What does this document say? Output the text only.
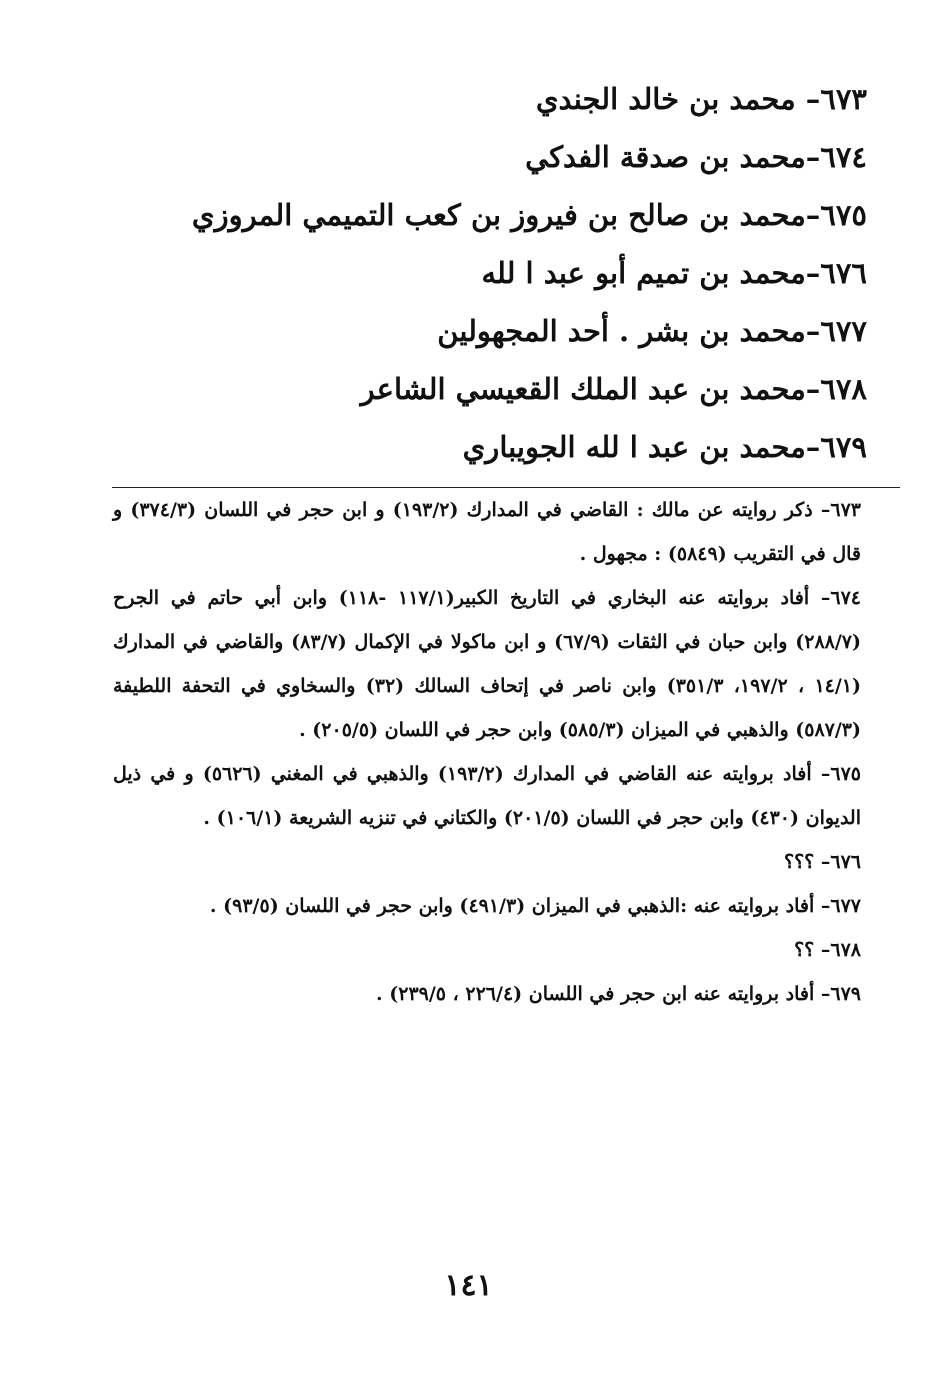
٦٧٣– محمد بن خالد الجندي
٦٧٤–محمد بن صدقة الفدكي
٦٧٥–محمد بن صالح بن فيروز بن كعب التميمي المروزي
٦٧٦–محمد بن تميم أبو عبد ا لله
٦٧٧–محمد بن بشر . أحد المجهولين
٦٧٨–محمد بن عبد الملك القعيسي الشاعر
٦٧٩–محمد بن عبد ا لله الجويباري
٦٧٣– ذكر روايته عن مالك : القاضي في المدارك (١٩٣/٢) و ابن حجر في اللسان (٣٧٤/٣) و قال في التقريب (٥٨٤٩) : مجهول .
٦٧٤– أفاد بروايته عنه البخاري في التاريخ الكبير(١١٧/١ -١١٨) وابن أبي حاتم في الجرح (٢٨٨/٧) وابن حبان في الثقات (٦٧/٩) و ابن ماكولا في الإكمال (٨٣/٧) والقاضي في المدارك (١٤/١ ، ١٩٧/٢، ٣٥١/٣) وابن ناصر في إتحاف السالك (٣٢) والسخاوي في التحفة اللطيفة (٥٨٧/٣) والذهبي في الميزان (٥٨٥/٣) وابن حجر في اللسان (٢٠٥/٥) .
٦٧٥– أفاد بروايته عنه القاضي في المدارك (١٩٣/٢) والذهبي في المغني (٥٦٢٦) و في ذيل الديوان (٤٣٠) وابن حجر في اللسان (٢٠١/٥) والكتاني في تنزيه الشريعة (١٠٦/١) .
٦٧٦– ؟؟؟
٦٧٧– أفاد بروايته عنه :الذهبي في الميزان (٤٩١/٣) وابن حجر في اللسان (٩٣/٥) .
٦٧٨– ؟؟
٦٧٩– أفاد بروايته عنه ابن حجر في اللسان (٢٢٦/٤ ، ٢٣٩/٥) .
١٤١
